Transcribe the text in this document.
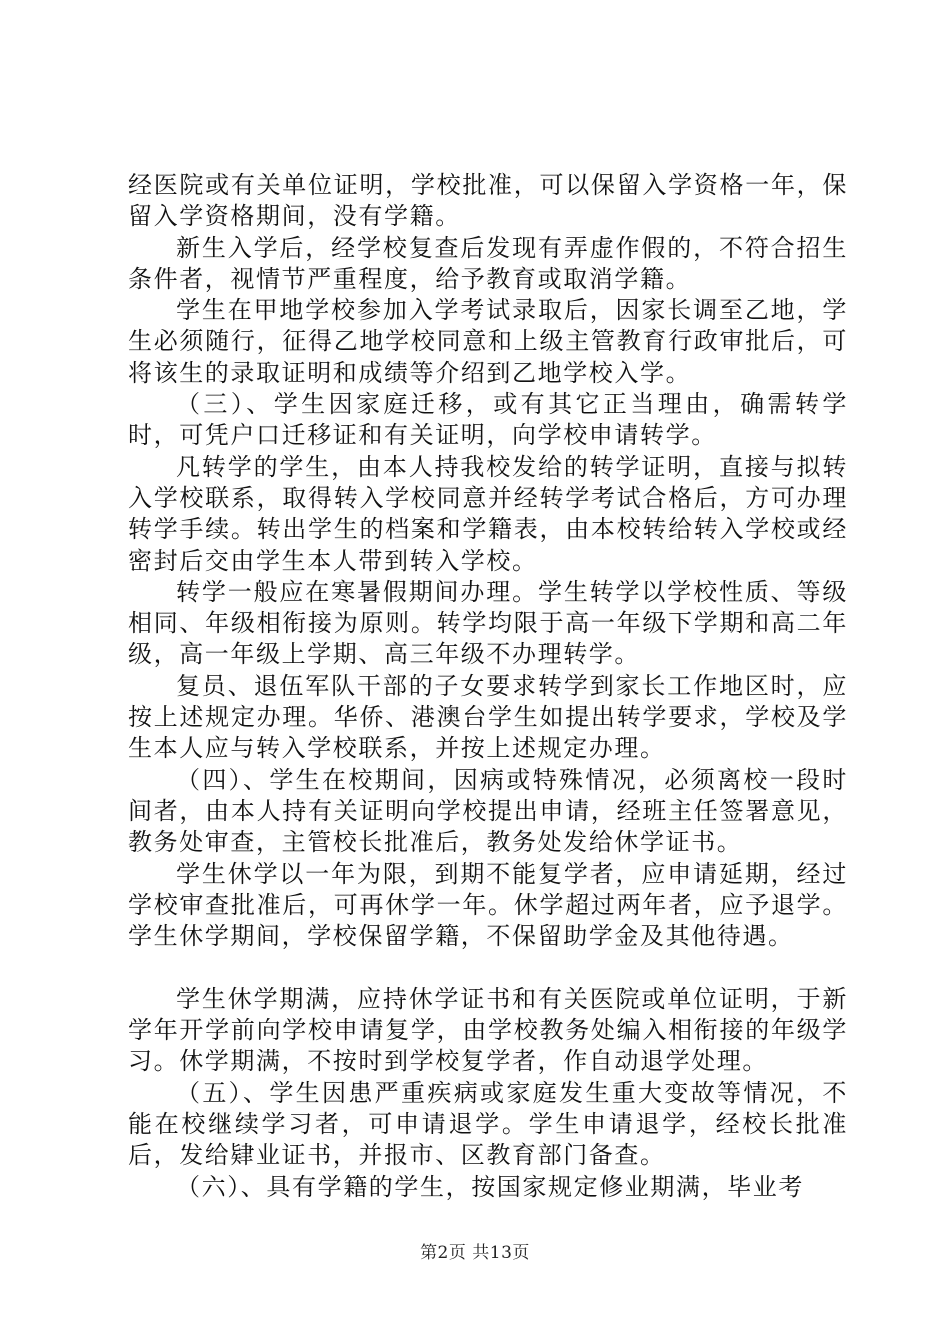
经医院或有关单位证明，学校批准，可以保留入学资格一年，保留入学资格期间，没有学籍。

新生入学后，经学校复查后发现有弄虚作假的，不符合招生条件者，视情节严重程度，给予教育或取消学籍。

学生在甲地学校参加入学考试录取后，因家长调至乙地，学生必须随行，征得乙地学校同意和上级主管教育行政审批后，可将该生的录取证明和成绩等介绍到乙地学校入学。

（三）、学生因家庭迁移，或有其它正当理由，确需转学时，可凭户口迁移证和有关证明，向学校申请转学。

凡转学的学生，由本人持我校发给的转学证明，直接与拟转入学校联系，取得转入学校同意并经转学考试合格后，方可办理转学手续。转出学生的档案和学籍表，由本校转给转入学校或经密封后交由学生本人带到转入学校。

转学一般应在寒暑假期间办理。学生转学以学校性质、等级相同、年级相衔接为原则。转学均限于高一年级下学期和高二年级，高一年级上学期、高三年级不办理转学。

复员、退伍军队干部的子女要求转学到家长工作地区时，应按上述规定办理。华侨、港澳台学生如提出转学要求，学校及学生本人应与转入学校联系，并按上述规定办理。

（四）、学生在校期间，因病或特殊情况，必须离校一段时间者，由本人持有关证明向学校提出申请，经班主任签署意见，教务处审查，主管校长批准后，教务处发给休学证书。

学生休学以一年为限，到期不能复学者，应申请延期，经过学校审查批准后，可再休学一年。休学超过两年者，应予退学。学生休学期间，学校保留学籍，不保留助学金及其他待遇。

学生休学期满，应持休学证书和有关医院或单位证明，于新学年开学前向学校申请复学，由学校教务处编入相衔接的年级学习。休学期满，不按时到学校复学者，作自动退学处理。

（五）、学生因患严重疾病或家庭发生重大变故等情况，不能在校继续学习者，可申请退学。学生申请退学，经校长批准后，发给肄业证书，并报市、区教育部门备查。

（六）、具有学籍的学生，按国家规定修业期满，毕业考

第2页 共13页
